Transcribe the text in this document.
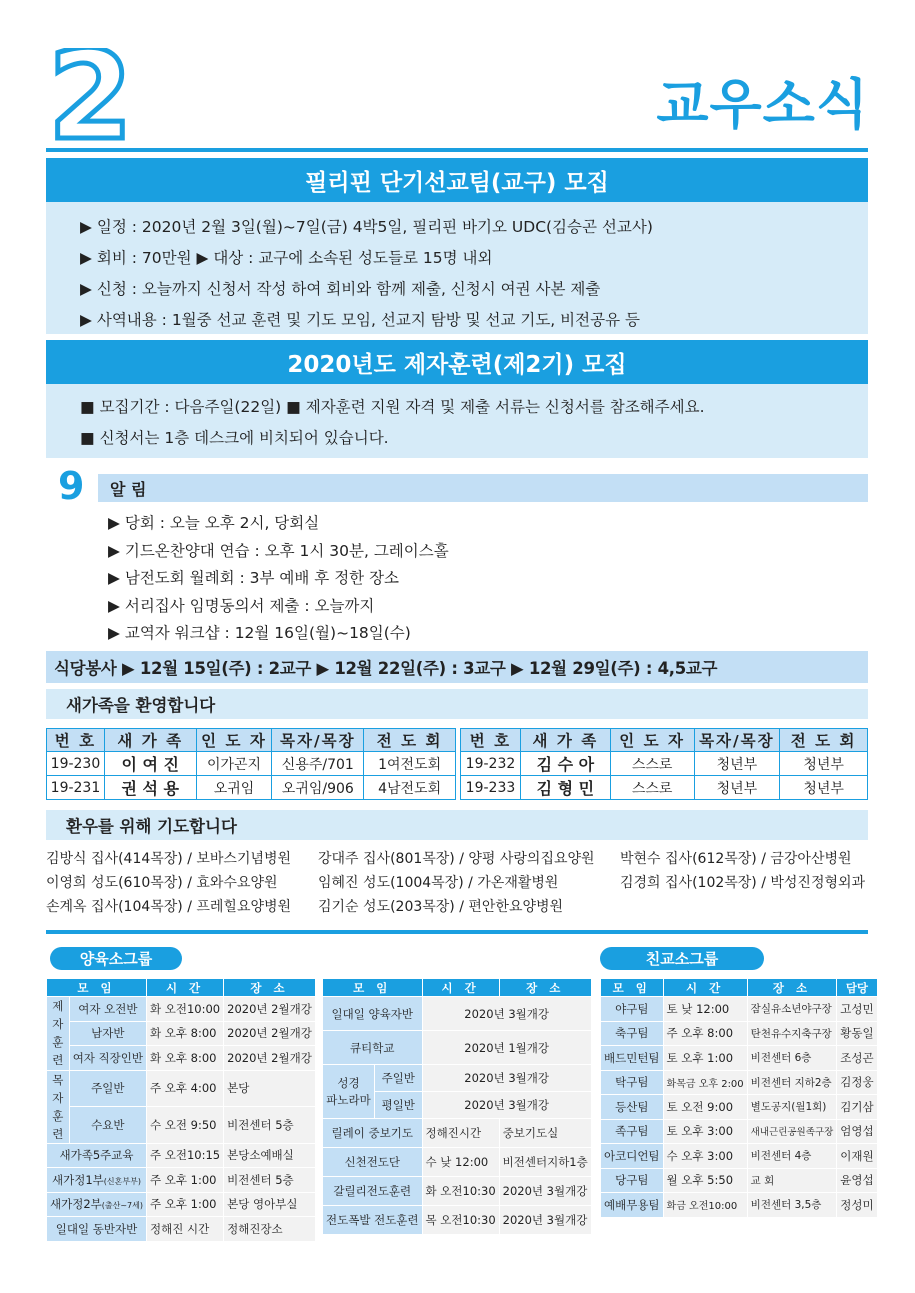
2	교우소식
필리핀 단기선교팀(교구) 모집
▶ 일정 : 2020년 2월 3일(월)~7일(금) 4박5일, 필리핀 바기오 UDC(김승곤 선교사)
▶ 회비 : 70만원 ▶ 대상 : 교구에 소속된 성도들로 15명 내외
▶ 신청 : 오늘까지 신청서 작성 하여 회비와 함께 제출, 신청시 여권 사본 제출
▶ 사역내용 : 1월중 선교 훈련 및 기도 모임, 선교지 탐방 및 선교 기도, 비전공유 등
2020년도 제자훈련(제2기) 모집
■ 모집기간 : 다음주일(22일) ■ 제자훈련 지원 자격 및 제출 서류는 신청서를 참조해주세요.
■ 신청서는 1층 데스크에 비치되어 있습니다.
9	알 림
▶ 당회 : 오늘 오후 2시, 당회실
▶ 기드온찬양대 연습 : 오후 1시 30분, 그레이스홀
▶ 남전도회 월례회 : 3부 예배 후 정한 장소
▶ 서리집사 임명동의서 제출 : 오늘까지
▶ 교역자 워크샵 : 12월 16일(월)~18일(수)
식당봉사 ▶ 12월 15일(주) : 2교구 ▶ 12월 22일(주) : 3교구 ▶ 12월 29일(주) : 4,5교구
새가족을 환영합니다
번 호	새 가 족	인 도 자	목자/목장	전 도 회
19-230	이 여 진	이가곤지	신용주/701	1여전도회
19-231	권 석 용	오귀임	오귀임/906	4남전도회
번 호	새 가 족	인 도 자	목자/목장	전 도 회
19-232	김 수 아	스스로	청년부	청년부
19-233	김 형 민	스스로	청년부	청년부
환우를 위해 기도합니다
김방식 집사(414목장) / 보바스기념병원
이영희 성도(610목장) / 효와수요양원
손계옥 집사(104목장) / 프레힐요양병원
강대주 집사(801목장) / 양평 사랑의집요양원
임혜진 성도(1004목장) / 가온재활병원
김기순 성도(203목장) / 편안한요양병원
박현수 집사(612목장) / 금강아산병원
김경희 집사(102목장) / 박성진정형외과
양육소그룹	친교소그룹
모 임		시 간	장 소
제자
훈련	여자 오전반	화 오전10:00	2020년 2월개강
	남자반	화 오후 8:00	2020년 2월개강
	여자 직장인반	화 오후 8:00	2020년 2월개강
목자
훈련	주일반	주 오후 4:00	본당
	수요반	수 오전 9:50	비전센터 5층
새가족5주교육		주 오전10:15	본당소예배실
새가정1부(신혼부부)		주 오후 1:00	비전센터 5층
새가정2부(출산~7세)		주 오후 1:00	본당 영아부실
일대일 동반자반		정해진 시간	정해진장소
모 임		시 간	장 소
일대일 양육자반		2020년 3월개강	
큐티학교		2020년 1월개강	
성경
파노라마	주일반	2020년 3월개강	
	평일반	2020년 3월개강	
릴레이 중보기도		정해진시간	중보기도실
신천전도단		수 낮 12:00	비전센터지하1층
갈릴리전도훈련		화 오전10:30	2020년 3월개강
전도폭발 전도훈련		목 오전10:30	2020년 3월개강
모 임	시 간	장 소	담당
야구팀	토 낮 12:00	잠실유소년야구장	고성민
축구팀	주 오후 8:00	탄천유수지축구장	황동일
배드민턴팀	토 오후 1:00	비전센터 6층	조성곤
탁구팀	화목금 오후 2:00	비전센터 지하2층	김정웅
등산팀	토 오전 9:00	별도공지(월1회)	김기삼
족구팀	토 오후 3:00	새내근린공원족구장	엄영섭
아코디언팀	수 오후 3:00	비전센터 4층	이재원
당구팀	월 오후 5:50	교 회	윤영섭
예배무용팀	화금 오전10:00	비전센터 3,5층	정성미
